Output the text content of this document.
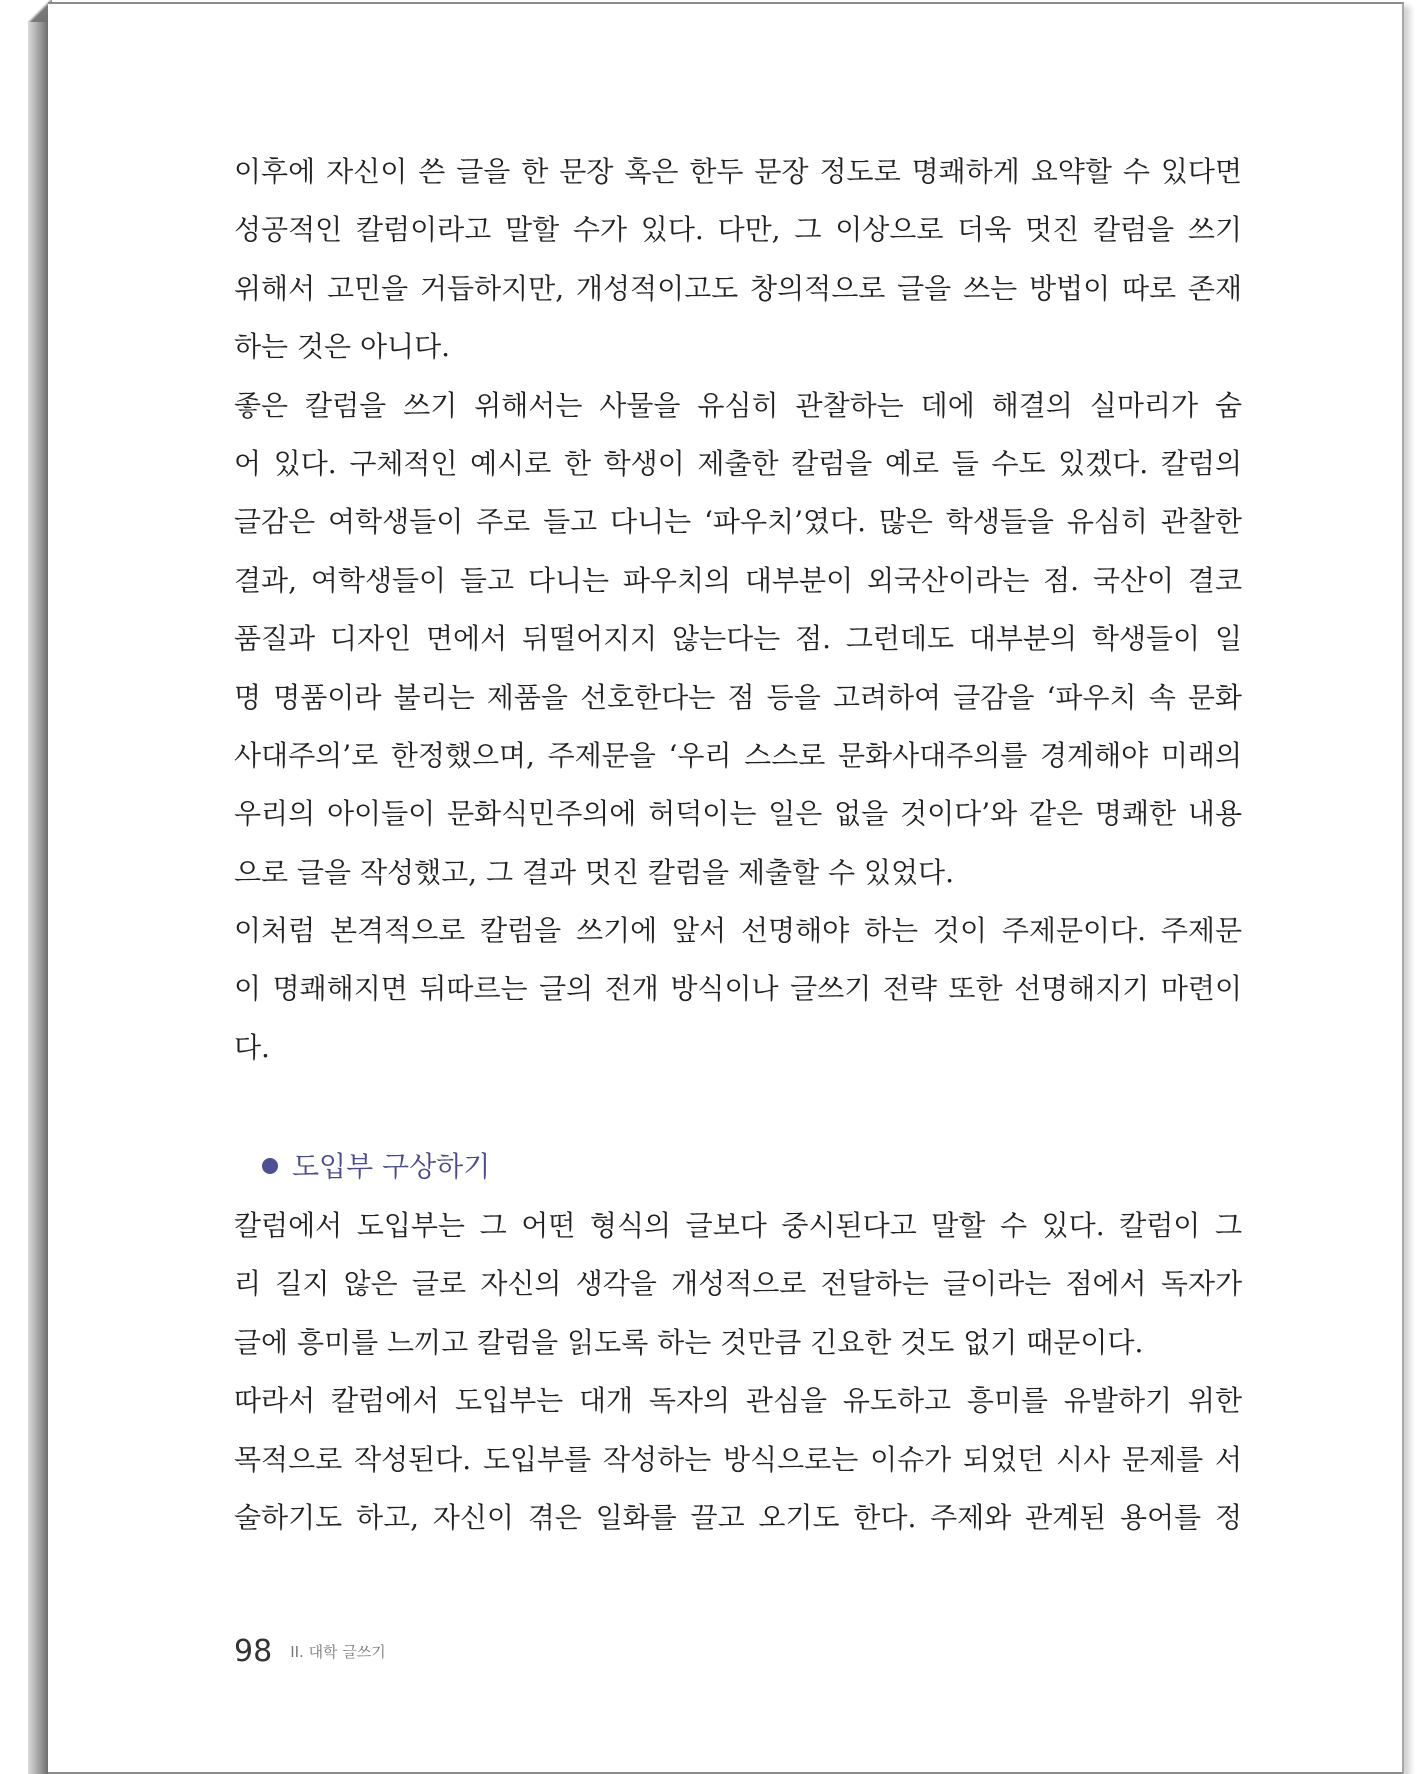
이후에 자신이 쓴 글을 한 문장 혹은 한두 문장 정도로 명쾌하게 요약할 수 있다면
성공적인 칼럼이라고 말할 수가 있다. 다만, 그 이상으로 더욱 멋진 칼럼을 쓰기
위해서 고민을 거듭하지만, 개성적이고도 창의적으로 글을 쓰는 방법이 따로 존재
하는 것은 아니다.
좋은 칼럼을 쓰기 위해서는 사물을 유심히 관찰하는 데에 해결의 실마리가 숨
어 있다. 구체적인 예시로 한 학생이 제출한 칼럼을 예로 들 수도 있겠다. 칼럼의
글감은 여학생들이 주로 들고 다니는 ‘파우치’였다. 많은 학생들을 유심히 관찰한
결과, 여학생들이 들고 다니는 파우치의 대부분이 외국산이라는 점. 국산이 결코
품질과 디자인 면에서 뒤떨어지지 않는다는 점. 그런데도 대부분의 학생들이 일
명 명품이라 불리는 제품을 선호한다는 점 등을 고려하여 글감을 ‘파우치 속 문화
사대주의’로 한정했으며, 주제문을 ‘우리 스스로 문화사대주의를 경계해야 미래의
우리의 아이들이 문화식민주의에 허덕이는 일은 없을 것이다’와 같은 명쾌한 내용
으로 글을 작성했고, 그 결과 멋진 칼럼을 제출할 수 있었다.
이처럼 본격적으로 칼럼을 쓰기에 앞서 선명해야 하는 것이 주제문이다. 주제문
이 명쾌해지면 뒤따르는 글의 전개 방식이나 글쓰기 전략 또한 선명해지기 마련이
다.
도입부 구상하기
칼럼에서 도입부는 그 어떤 형식의 글보다 중시된다고 말할 수 있다. 칼럼이 그
리 길지 않은 글로 자신의 생각을 개성적으로 전달하는 글이라는 점에서 독자가
글에 흥미를 느끼고 칼럼을 읽도록 하는 것만큼 긴요한 것도 없기 때문이다.
따라서 칼럼에서 도입부는 대개 독자의 관심을 유도하고 흥미를 유발하기 위한
목적으로 작성된다. 도입부를 작성하는 방식으로는 이슈가 되었던 시사 문제를 서
술하기도 하고, 자신이 겪은 일화를 끌고 오기도 한다. 주제와 관계된 용어를 정
98 II. 대학 글쓰기
